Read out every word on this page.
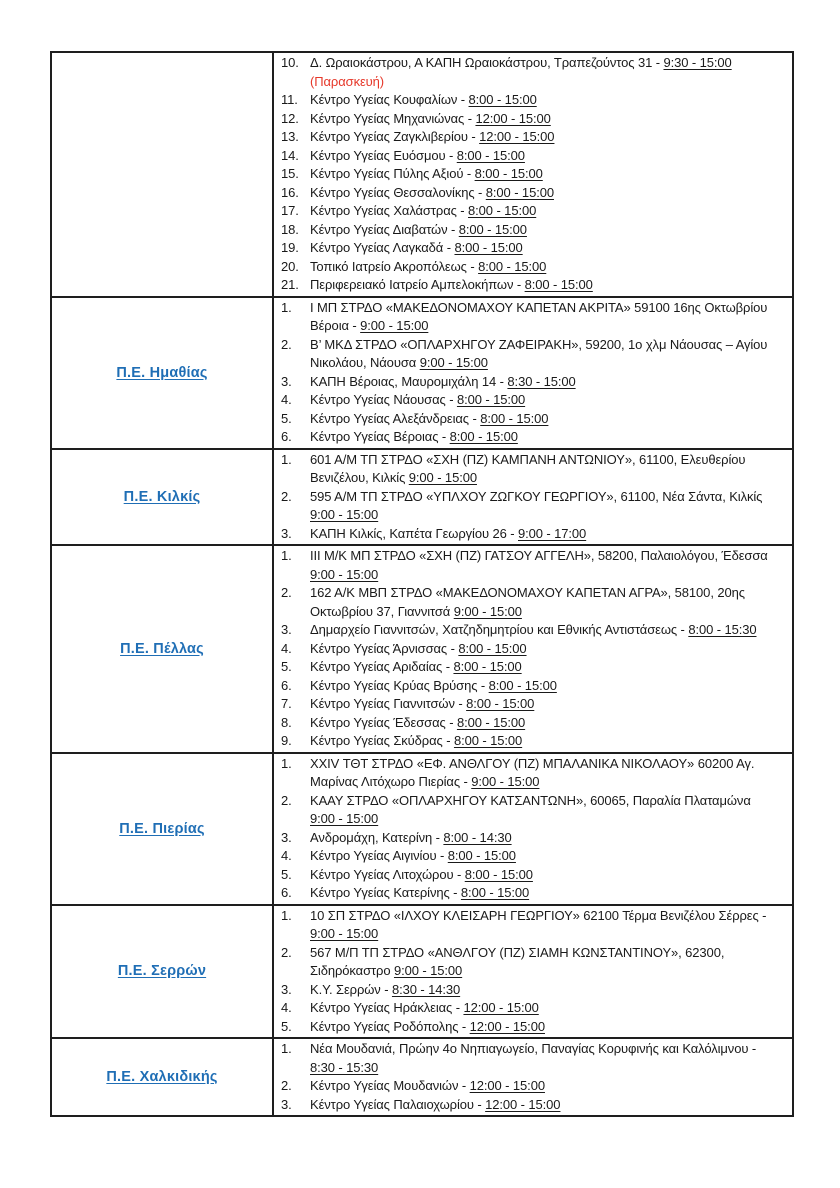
10. Δ. Ωραιοκάστρου, Α ΚΑΠΗ Ωραιοκάστρου, Τραπεζούντος 31 - 9:30 - 15:00
(Παρασκευή)
11. Κέντρο Υγείας Κουφαλίων - 8:00 - 15:00
12. Κέντρο Υγείας Μηχανιώνας - 12:00 - 15:00
13. Κέντρο Υγείας Ζαγκλιβερίου - 12:00 - 15:00
14. Κέντρο Υγείας Ευόσμου - 8:00 - 15:00
15. Κέντρο Υγείας Πύλης Αξιού - 8:00 - 15:00
16. Κέντρο Υγείας Θεσσαλονίκης - 8:00 - 15:00
17. Κέντρο Υγείας Χαλάστρας - 8:00 - 15:00
18. Κέντρο Υγείας Διαβατών - 8:00 - 15:00
19. Κέντρο Υγείας Λαγκαδά - 8:00 - 15:00
20. Τοπικό Ιατρείο Ακροπόλεως - 8:00 - 15:00
21. Περιφερειακό Ιατρείο Αμπελοκήπων - 8:00 - 15:00

Π.Ε. Ημαθίας	
1. Ι ΜΠ ΣΤΡΔΟ «ΜΑΚΕΔΟΝΟΜΑΧΟΥ ΚΑΠΕΤΑΝ ΑΚΡΙΤΑ» 59100 16ης Οκτωβρίου Βέροια - 9:00 - 15:00
2. Β’ ΜΚΔ ΣΤΡΔΟ «ΟΠΛΑΡΧΗΓΟΥ ΖΑΦΕΙΡΑΚΗ», 59200, 1ο χλμ Νάουσας – Αγίου Νικολάου, Νάουσα 9:00 - 15:00
3. ΚΑΠΗ Βέροιας, Μαυρομιχάλη 14 - 8:30 - 15:00
4. Κέντρο Υγείας Νάουσας - 8:00 - 15:00
5. Κέντρο Υγείας Αλεξάνδρειας - 8:00 - 15:00
6. Κέντρο Υγείας Βέροιας - 8:00 - 15:00

Π.Ε. Κιλκίς	
1. 601 Α/Μ ΤΠ ΣΤΡΔΟ «ΣΧΗ (ΠΖ) ΚΑΜΠΑΝΗ ΑΝΤΩΝΙΟΥ», 61100, Ελευθερίου Βενιζέλου, Κιλκίς 9:00 - 15:00
2. 595 Α/Μ ΤΠ ΣΤΡΔΟ «ΥΠΛΧΟΥ ΖΩΓΚΟΥ ΓΕΩΡΓΙΟΥ», 61100, Νέα Σάντα, Κιλκίς 9:00 - 15:00
3. ΚΑΠΗ Κιλκίς, Καπέτα Γεωργίου 26 - 9:00 - 17:00

Π.Ε. Πέλλας	
1. ΙΙΙ Μ/Κ ΜΠ ΣΤΡΔΟ «ΣΧΗ (ΠΖ) ΓΑΤΣΟΥ ΑΓΓΕΛΗ», 58200, Παλαιολόγου, Έδεσσα 9:00 - 15:00
2. 162 Α/Κ ΜΒΠ ΣΤΡΔΟ «ΜΑΚΕΔΟΝΟΜΑΧΟΥ ΚΑΠΕΤΑΝ ΑΓΡΑ», 58100, 20ης Οκτωβρίου 37, Γιαννιτσά 9:00 - 15:00
3. Δημαρχείο Γιαννιτσών, Χατζηδημητρίου και Εθνικής Αντιστάσεως - 8:00 - 15:30
4. Κέντρο Υγείας Άρνισσας - 8:00 - 15:00
5. Κέντρο Υγείας Αριδαίας - 8:00 - 15:00
6. Κέντρο Υγείας Κρύας Βρύσης - 8:00 - 15:00
7. Κέντρο Υγείας Γιαννιτσών - 8:00 - 15:00
8. Κέντρο Υγείας Έδεσσας - 8:00 - 15:00
9. Κέντρο Υγείας Σκύδρας - 8:00 - 15:00

Π.Ε. Πιερίας	
1. XXIV ΤΘΤ ΣΤΡΔΟ «ΕΦ. ΑΝΘΛΓΟΥ (ΠΖ) ΜΠΑΛΑΝΙΚΑ ΝΙΚΟΛΑΟΥ» 60200 Αγ. Μαρίνας Λιτόχωρο Πιερίας - 9:00 - 15:00
2. ΚΑΑΥ ΣΤΡΔΟ «ΟΠΛΑΡΧΗΓΟΥ ΚΑΤΣΑΝΤΩΝΗ», 60065, Παραλία Πλαταμώνα 9:00 - 15:00
3. Ανδρομάχη, Κατερίνη - 8:00 - 14:30
4. Κέντρο Υγείας Αιγινίου - 8:00 - 15:00
5. Κέντρο Υγείας Λιτοχώρου - 8:00 - 15:00
6. Κέντρο Υγείας Κατερίνης - 8:00 - 15:00

Π.Ε. Σερρών	
1. 10 ΣΠ ΣΤΡΔΟ «ΙΛΧΟΥ ΚΛΕΙΣΑΡΗ ΓΕΩΡΓΙΟΥ» 62100 Τέρμα Βενιζέλου Σέρρες - 9:00 - 15:00
2. 567 Μ/Π ΤΠ ΣΤΡΔΟ «ΑΝΘΛΓΟΥ (ΠΖ) ΣΙΑΜΗ ΚΩΝΣΤΑΝΤΙΝΟΥ», 62300, Σιδηρόκαστρο 9:00 - 15:00
3. Κ.Υ. Σερρών - 8:30 - 14:30
4. Κέντρο Υγείας Ηράκλειας - 12:00 - 15:00
5. Κέντρο Υγείας Ροδόπολης - 12:00 - 15:00

Π.Ε. Χαλκιδικής	
1. Νέα Μουδανιά, Πρώην 4ο Νηπιαγωγείο, Παναγίας Κορυφινής και Καλόλιμνου - 8:30 - 15:30
2. Κέντρο Υγείας Μουδανιών - 12:00 - 15:00
3. Κέντρο Υγείας Παλαιοχωρίου - 12:00 - 15:00
